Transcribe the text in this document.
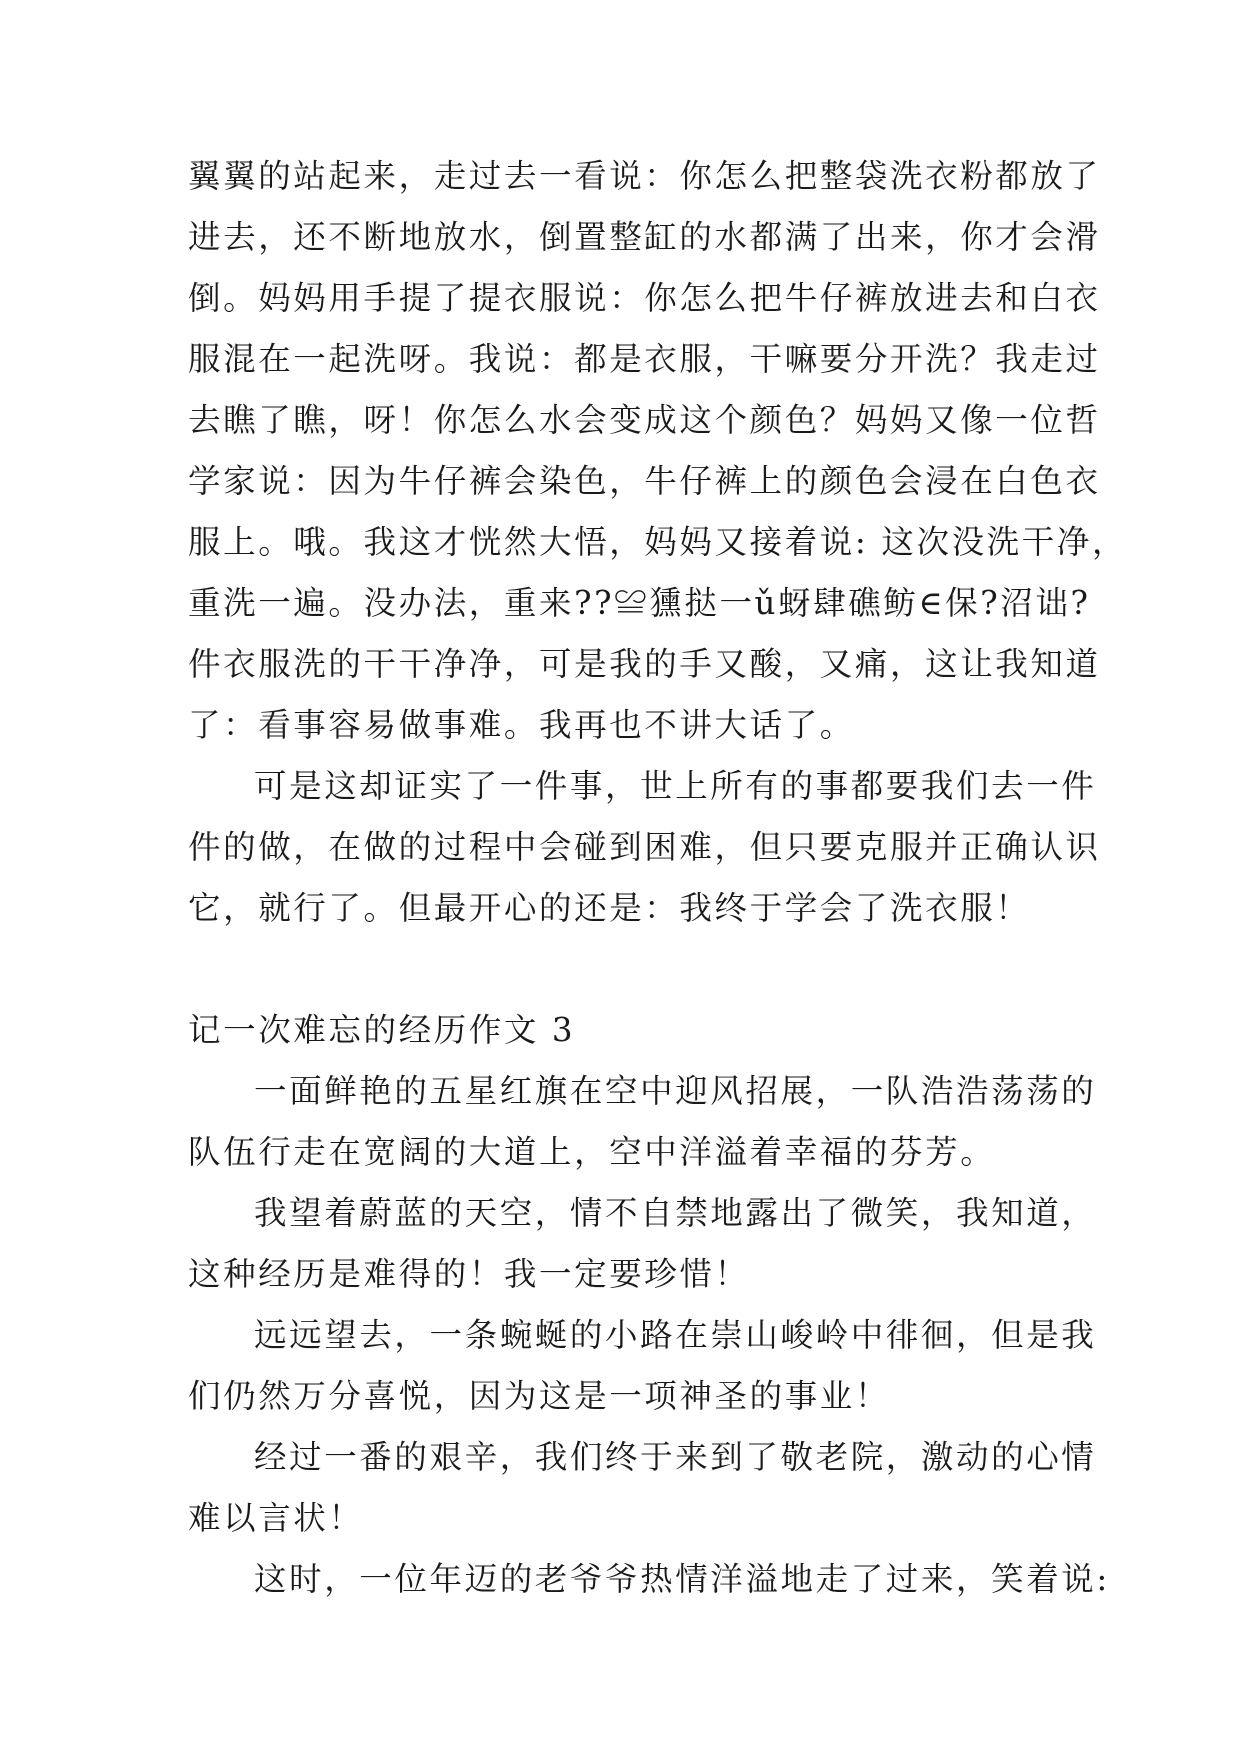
翼翼的站起来，走过去一看说：你怎么把整袋洗衣粉都放了
进去，还不断地放水，倒置整缸的水都满了出来，你才会滑
倒。妈妈用手提了提衣服说：你怎么把牛仔裤放进去和白衣
服混在一起洗呀。我说：都是衣服，干嘛要分开洗？我走过
去瞧了瞧，呀！你怎么水会变成这个颜色？妈妈又像一位哲
学家说：因为牛仔裤会染色，牛仔裤上的颜色会浸在白色衣
服上。哦。我这才恍然大悟，妈妈又接着说: 这次没洗干净，
重洗一遍。没办法，重来??≌獯挞一ǔ蚜肆礁鲂∈保?沼诎?
件衣服洗的干干净净，可是我的手又酸，又痛，这让我知道
了：看事容易做事难。我再也不讲大话了。
可是这却证实了一件事，世上所有的事都要我们去一件
件的做，在做的过程中会碰到困难，但只要克服并正确认识
它，就行了。但最开心的还是：我终于学会了洗衣服！
记一次难忘的经历作文 3
一面鲜艳的五星红旗在空中迎风招展，一队浩浩荡荡的
队伍行走在宽阔的大道上，空中洋溢着幸福的芬芳。
我望着蔚蓝的天空，情不自禁地露出了微笑，我知道，
这种经历是难得的！我一定要珍惜！
远远望去，一条蜿蜒的小路在崇山峻岭中徘徊，但是我
们仍然万分喜悦，因为这是一项神圣的事业！
经过一番的艰辛，我们终于来到了敬老院，激动的心情
难以言状！
这时，一位年迈的老爷爷热情洋溢地走了过来，笑着说:
